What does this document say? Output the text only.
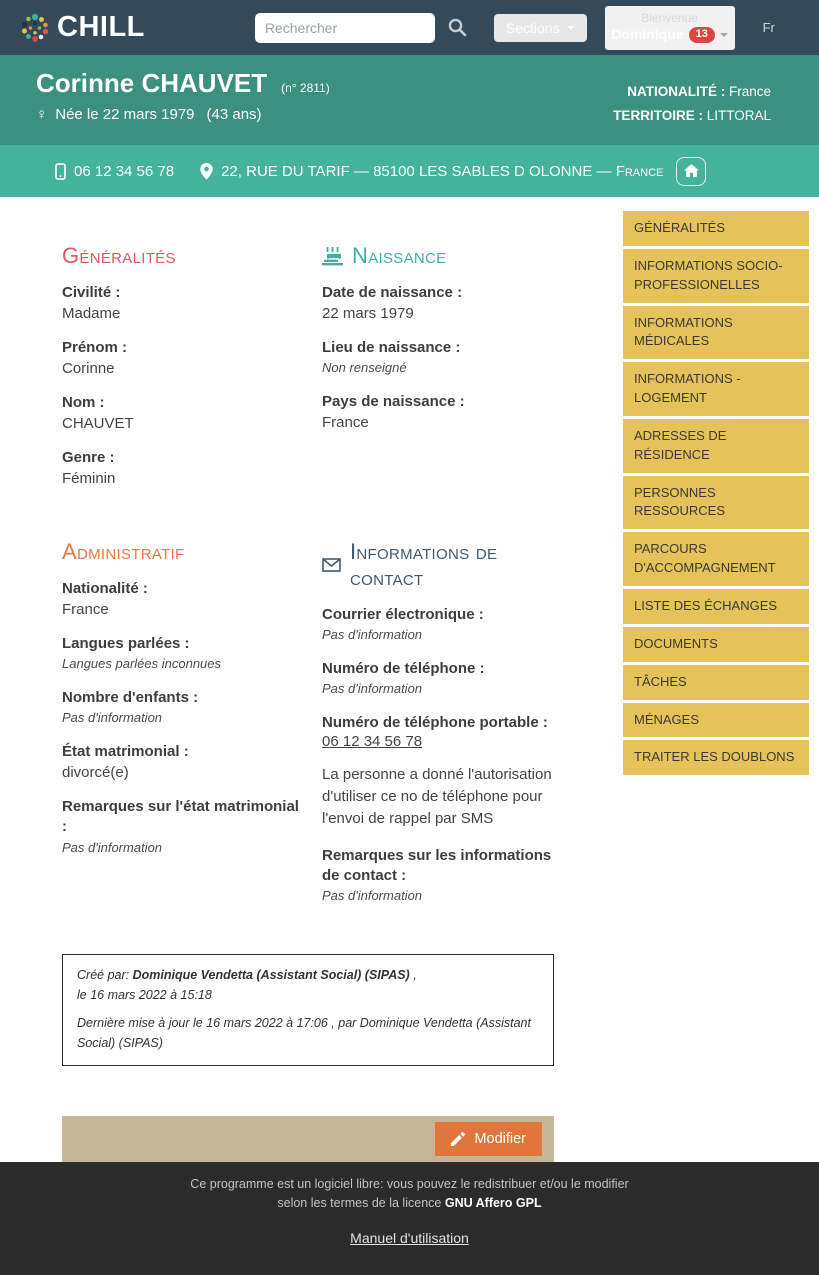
CHILL
Rechercher	Sections
Bienvenue
Dominique	13	Fr
Corinne CHAUVET (n° 2811)
♀ Née le 22 mars 1979 (43 ans)
NATIONALITÉ : France
TERRITOIRE : LITTORAL
06 12 34 56 78	22, RUE DU TARIF — 85100 LES SABLES D OLONNE — France
GÉNÉRALITÉS
INFORMATIONS SOCIO-PROFESSIONELLES
INFORMATIONS MÉDICALES
INFORMATIONS - LOGEMENT
ADRESSES DE RÉSIDENCE
PERSONNES RESSOURCES
PARCOURS D'ACCOMPAGNEMENT
LISTE DES ÉCHANGES
DOCUMENTS
TÂCHES
MÉNAGES
TRAITER LES DOUBLONS
Généralités
Civilité :
Madame
Prénom :
Corinne
Nom :
CHAUVET
Genre :
Féminin
Naissance
Date de naissance :
22 mars 1979
Lieu de naissance :
Non renseigné
Pays de naissance :
France
Administratif
Nationalité :
France
Langues parlées :
Langues parlées inconnues
Nombre d'enfants :
Pas d'information
État matrimonial :
divorcé(e)
Remarques sur l'état matrimonial :
Pas d'information
Informations de contact
Courrier électronique :
Pas d'information
Numéro de téléphone :
Pas d'information
Numéro de téléphone portable :
06 12 34 56 78
La personne a donné l'autorisation d'utiliser ce no de téléphone pour l'envoi de rappel par SMS
Remarques sur les informations de contact :
Pas d'information

Créé par: Dominique Vendetta (Assistant Social) (SIPAS) ,
le 16 mars 2022 à 15:18

Dernière mise à jour le 16 mars 2022 à 17:06 , par Dominique Vendetta (Assistant Social) (SIPAS)

Modifier

Ce programme est un logiciel libre: vous pouvez le redistribuer et/ou le modifier

selon les termes de la licence GNU Affero GPL

Manuel d'utilisation
